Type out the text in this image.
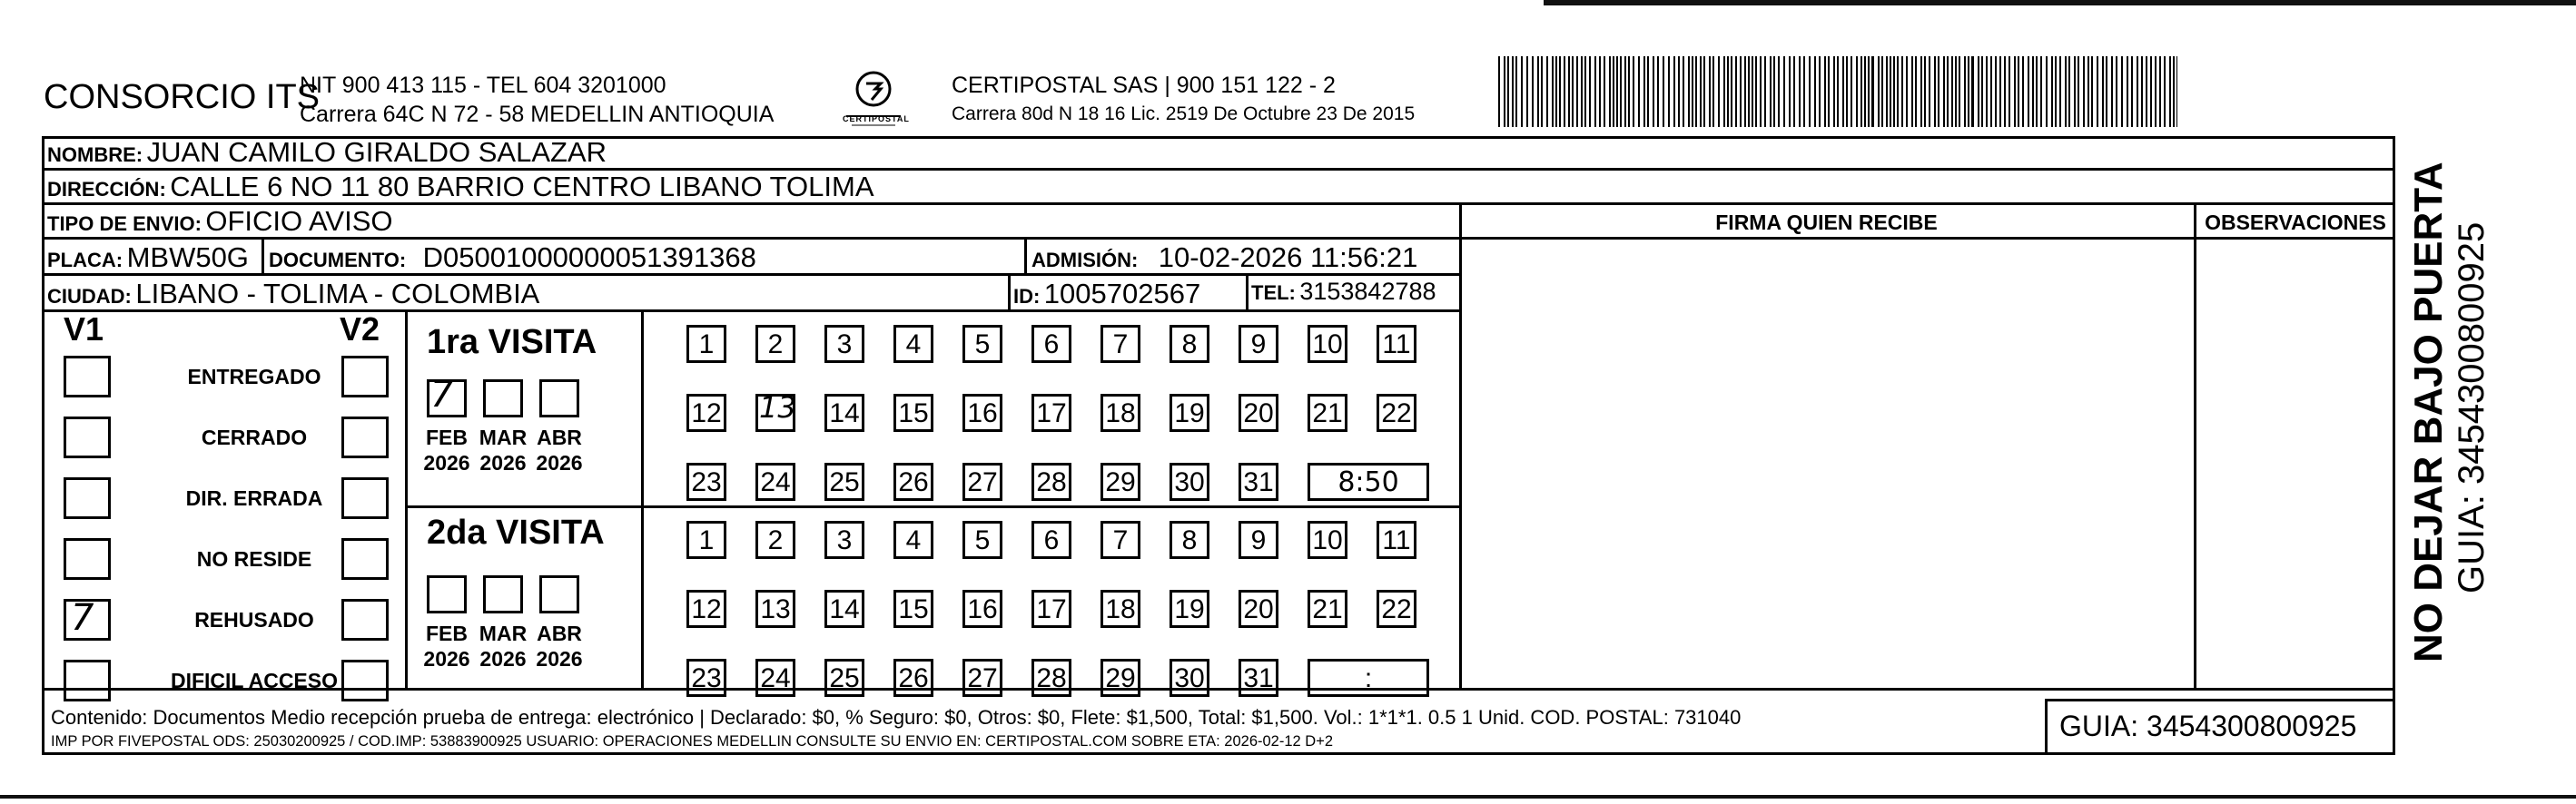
CONSORCIO ITS
NIT 900 413 115 - TEL 604 3201000
Carrera 64C N 72 - 58 MEDELLIN ANTIOQUIA	CERTIPOSTAL
CERTIPOSTAL SAS | 900 151 122 - 2
Carrera 80d N 18 16 Lic. 2519 De Octubre 23 De 2015
NOMBRE: JUAN CAMILO GIRALDO SALAZAR
DIRECCIÓN: CALLE 6 NO 11 80 BARRIO CENTRO LIBANO TOLIMA
FIRMA QUIEN RECIBE	OBSERVACIONES
TIPO DE ENVIO: OFICIO AVISO
PLACA: MBW50G DOCUMENTO: D05001000000051391368	ADMISIÓN: 10-02-2026 11:56:21
CIUDAD: LIBANO - TOLIMA - COLOMBIA	ID: 1005702567	TEL: 3153842788
V1	V2
ENTREGADO
CERRADO
DIR. ERRADA
NO RESIDE
REHUSADO
7
DIFICIL ACCESO
1ra VISITA
FEB
2026
MAR
2026
ABR
2026
7
1	2	3	4	5	6	7	8	9	10 11
12 13 14 15 16 17 18 19 20 21 22
23 24 25 26 27 28 29 30 31	8:50
2da VISITA
FEB
2026
MAR
2026
ABR
2026
1	2	3	4	5	6	7	8	9	10 11
12 13 14 15 16 17 18 19 20 21 22
23 24 25 26 27 28 29 30 31	:
Contenido: Documentos Medio recepción prueba de entrega: electrónico | Declarado: $0, % Seguro: $0, Otros: $0, Flete: $1,500, Total: $1,500. Vol.: 1*1*1. 0.5 1 Unid. COD. POSTAL: 731040
IMP POR FIVEPOSTAL ODS: 25030200925 / COD.IMP: 53883900925 USUARIO: OPERACIONES MEDELLIN CONSULTE SU ENVIO EN: CERTIPOSTAL.COM SOBRE ETA: 2026-02-12 D+2	GUIA: 3454300800925
NO DEJAR BAJO PUERTA GUIA: 3454300800925
